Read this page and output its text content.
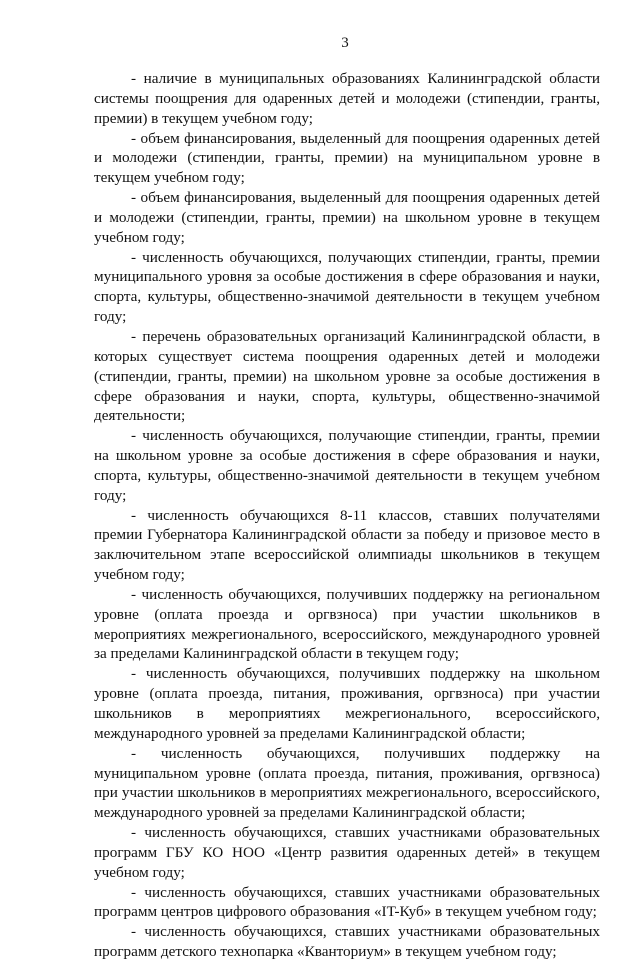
3

- наличие в муниципальных образованиях Калининградской области системы поощрения для одаренных детей и молодежи (стипендии, гранты, премии) в текущем учебном году;

- объем финансирования, выделенный для поощрения одаренных детей и молодежи (стипендии, гранты, премии) на муниципальном уровне в текущем учебном году;

- объем финансирования, выделенный для поощрения одаренных детей и молодежи (стипендии, гранты, премии) на школьном уровне в текущем учебном году;

- численность обучающихся, получающих стипендии, гранты, премии муниципального уровня за особые достижения в сфере образования и науки, спорта, культуры, общественно-значимой деятельности в текущем учебном году;

- перечень образовательных организаций Калининградской области, в которых существует система поощрения одаренных детей и молодежи (стипендии, гранты, премии) на школьном уровне за особые достижения в сфере образования и науки, спорта, культуры, общественно-значимой деятельности;

- численность обучающихся, получающие стипендии, гранты, премии на школьном уровне за особые достижения в сфере образования и науки, спорта, культуры, общественно-значимой деятельности в текущем учебном году;

- численность обучающихся 8-11 классов, ставших получателями премии Губернатора Калининградской области за победу и призовое место в заключительном этапе всероссийской олимпиады школьников в текущем учебном году;

- численность обучающихся, получивших поддержку на региональном уровне (оплата проезда и оргвзноса) при участии школьников в мероприятиях межрегионального, всероссийского, международного уровней за пределами Калининградской области в текущем году;

- численность обучающихся, получивших поддержку на школьном уровне (оплата проезда, питания, проживания, оргвзноса) при участии школьников в мероприятиях межрегионального, всероссийского, международного уровней за пределами Калининградской области;

- численность обучающихся, получивших поддержку на муниципальном уровне (оплата проезда, питания, проживания, оргвзноса) при участии школьников в мероприятиях межрегионального, всероссийского, международного уровней за пределами Калининградской области;

- численность обучающихся, ставших участниками образовательных программ ГБУ КО НОО «Центр развития одаренных детей» в текущем учебном году;

- численность обучающихся, ставших участниками образовательных программ центров цифрового образования «IT-Куб» в текущем учебном году;

- численность обучающихся, ставших участниками образовательных программ детского технопарка «Кванториум» в текущем учебном году;
